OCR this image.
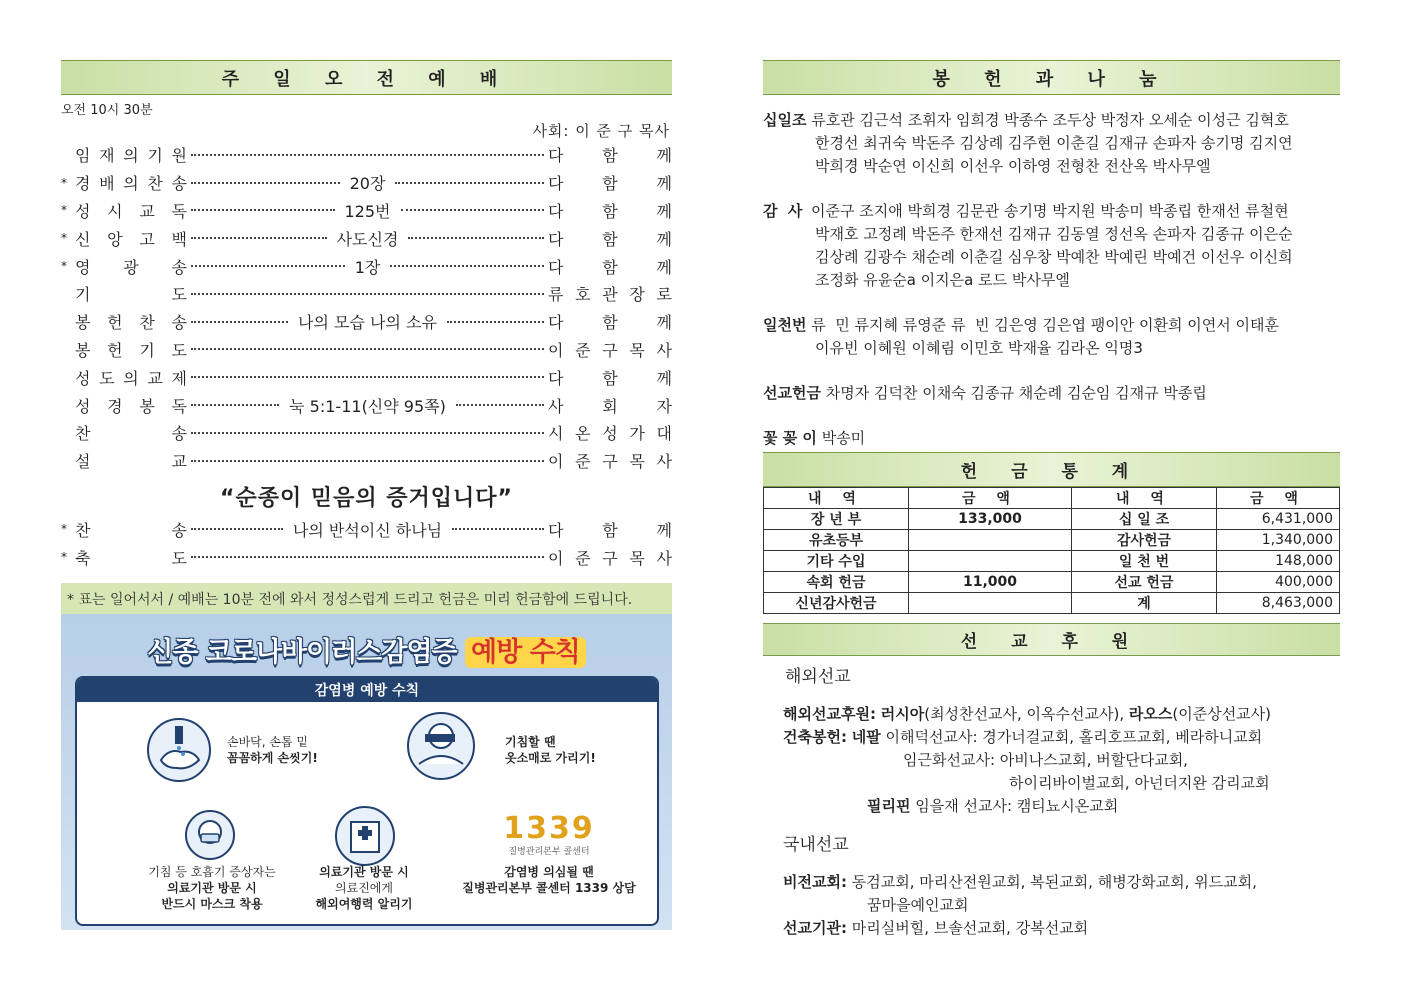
주 일 오 전 예 배
오전 10시 30분
사회: 이 준 구 목사
임 재 의 기 원	다 함 께
* 경 배 의 찬 송	20장	다 함 께
* 성 시 교 독	125번	다 함 께
* 신 앙 고 백	사도신경	다 함 께
* 영 광 송	1장	다 함 께
기	도	류 호 관 장 로
봉 헌 찬 송	나의 모습 나의 소유	다 함 께
봉 헌 기 도	이 준 구 목 사
성 도 의 교 제	다 함 께
성 경 봉 독	눅 5:1-11(신약 95쪽)	사 회 자
찬	송	시 온 성 가 대
설	교	이 준 구 목 사
“순종이 믿음의 증거입니다”
* 찬	송	나의 반석이신 하나님	다 함 께
* 축	도	이 준 구 목 사
* 표는 일어서서 / 예배는 10분 전에 와서 정성스럽게 드리고 헌금은 미리 헌금함에 드립니다.
신종 코로나바이러스감염증 예방 수칙
감염병 예방 수칙
손바닥, 손톱 밑
꼼꼼하게 손씻기!
기침할 땐
옷소매로 가리기!
기침 등 호흡기 증상자는
의료기관 방문 시
반드시 마스크 착용
의료기관 방문 시
의료진에게
해외여행력 알리기
1339
질병관리본부 콜센터
감염병 의심될 땐
질병관리본부 콜센터 1339 상담
봉 헌 과 나 눔
십일조 류호관 김근석 조휘자 임희경 박종수 조두상 박정자 오세순 이성근 김혁호
한경선 최귀숙 박돈주 김상례 김주현 이춘길 김재규 손파자 송기명 김지연
박희경 박순연 이신희 이선우 이하영 전형찬 전산옥 박사무엘
감  사 이준구 조지애 박희경 김문관 송기명 박지원 박송미 박종립 한재선 류철현
박재호 고정례 박돈주 한재선 김재규 김동열 정선옥 손파자 김종규 이은순
김상례 김광수 채순례 이춘길 심우창 박예찬 박예린 박예건 이선우 이신희
조정화 유윤순a 이지은a 로드 박사무엘
일천번 류  민 류지혜 류영준 류  빈 김은영 김은엽 팽이안 이환희 이연서 이태훈
이유빈 이혜원 이혜림 이민호 박재율 김라온 익명3
선교헌금 차명자 김덕찬 이채숙 김종규 채순례 김순임 김재규 박종립
꽃 꽂 이 박송미
헌 금 통 계
내 역	금 액	내 역	금 액
장 년 부	133,000	십 일 조	6,431,000
유초등부		감사헌금	1,340,000
기타 수입		일 천 번	148,000
속회 헌금	11,000	선교 헌금	400,000
신년감사헌금		계	8,463,000
선 교 후 원
해외선교
해외선교후원: 러시아(최성찬선교사, 이옥수선교사), 라오스(이준상선교사)
건축봉헌: 네팔 이해덕선교사: 경가너걸교회, 홀리호프교회, 베라하니교회
임근화선교사: 아비나스교회, 버할단다교회,
하이리바이벌교회, 아넌더지완 감리교회
필리핀 임을재 선교사: 캠티뇨시온교회
국내선교
비전교회: 동검교회, 마리산전원교회, 복된교회, 해병강화교회, 위드교회,
꿈마을예인교회
선교기관: 마리실버힐, 브솔선교회, 강복선교회
